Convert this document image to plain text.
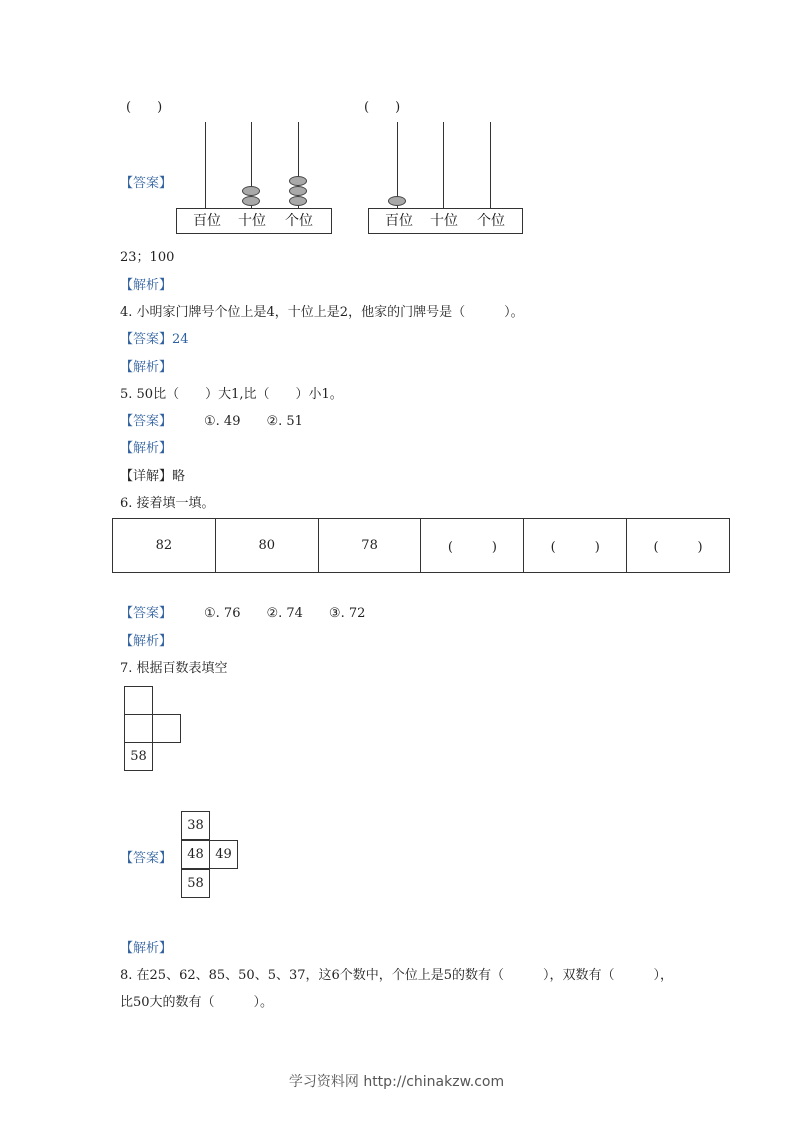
(　　)	(　　)
【答案】
百位	十位	个位	百位	十位	个位
23；100
【解析】
4. 小明家门牌号个位上是4，十位上是2，他家的门牌号是（　　　）。
【答案】24
【解析】
5. 50比（　　）大1,比（　　）小1。
【答案】 ①. 49　　②. 51
【解析】
【详解】略
6. 接着填一填。
82	80	78	(　　　)	(　　　)	(　　　)
【答案】 ①. 76　　②. 74　　③. 72
【解析】
7. 根据百数表填空
58
【答案】
38
48 49
58
【解析】
8. 在25、62、85、50、5、37，这6个数中，个位上是5的数有（　　　），双数有（　　　），
比50大的数有（　　　）。
学习资料网 http://chinakzw.com
